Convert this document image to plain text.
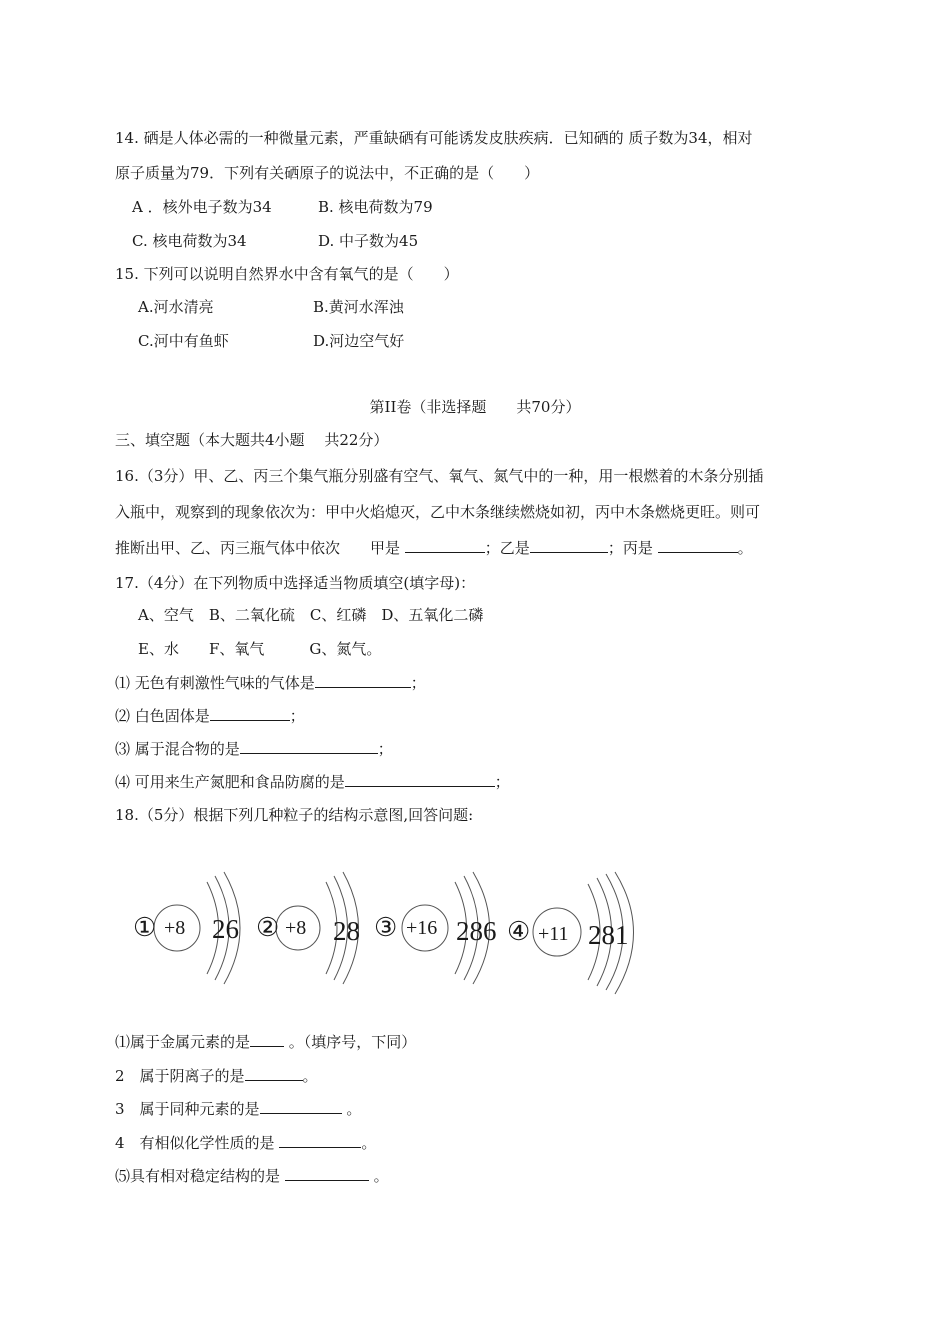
14. 硒是人体必需的一种微量元素，严重缺硒有可能诱发皮肤疾病．已知硒的 质子数为34，相对
原子质量为79．下列有关硒原子的说法中，不正确的是（　　）
A ．核外电子数为34	B. 核电荷数为79
C. 核电荷数为34	D. 中子数为45
15. 下列可以说明自然界水中含有氧气的是（　　）
A.河水清亮	B.黄河水浑浊
C.河中有鱼虾	D.河边空气好
第II卷（非选择题　　共70分）
三、填空题（本大题共4小题　 共22分）
16.（3分）甲、乙、丙三个集气瓶分别盛有空气、氧气、氮气中的一种，用一根燃着的木条分别插
入瓶中，观察到的现象依次为：甲中火焰熄灭，乙中木条继续燃烧如初，丙中木条燃烧更旺。则可
推断出甲、乙、丙三瓶气体中依次　　甲是	；乙是	；丙是	。
17.（4分）在下列物质中选择适当物质填空(填字母)：
A、空气　B、二氧化硫　C、红磷　D、五氧化二磷
E、水　　F、氧气　　　G、氮气。
⑴ 无色有刺激性气味的气体是	；
⑵ 白色固体是	；
⑶ 属于混合物的是	；
⑷ 可用来生产氮肥和食品防腐的是	；
18.（5分）根据下列几种粒子的结构示意图,回答问题:
① +8 26 ② +8 28 ③ +16 286 ④ +11 281
⑴属于金属元素的是	。（填序号，下同）
2　属于阴离子的是	。
3　属于同种元素的是	。
4　有相似化学性质的是	。
⑸具有相对稳定结构的是	。
